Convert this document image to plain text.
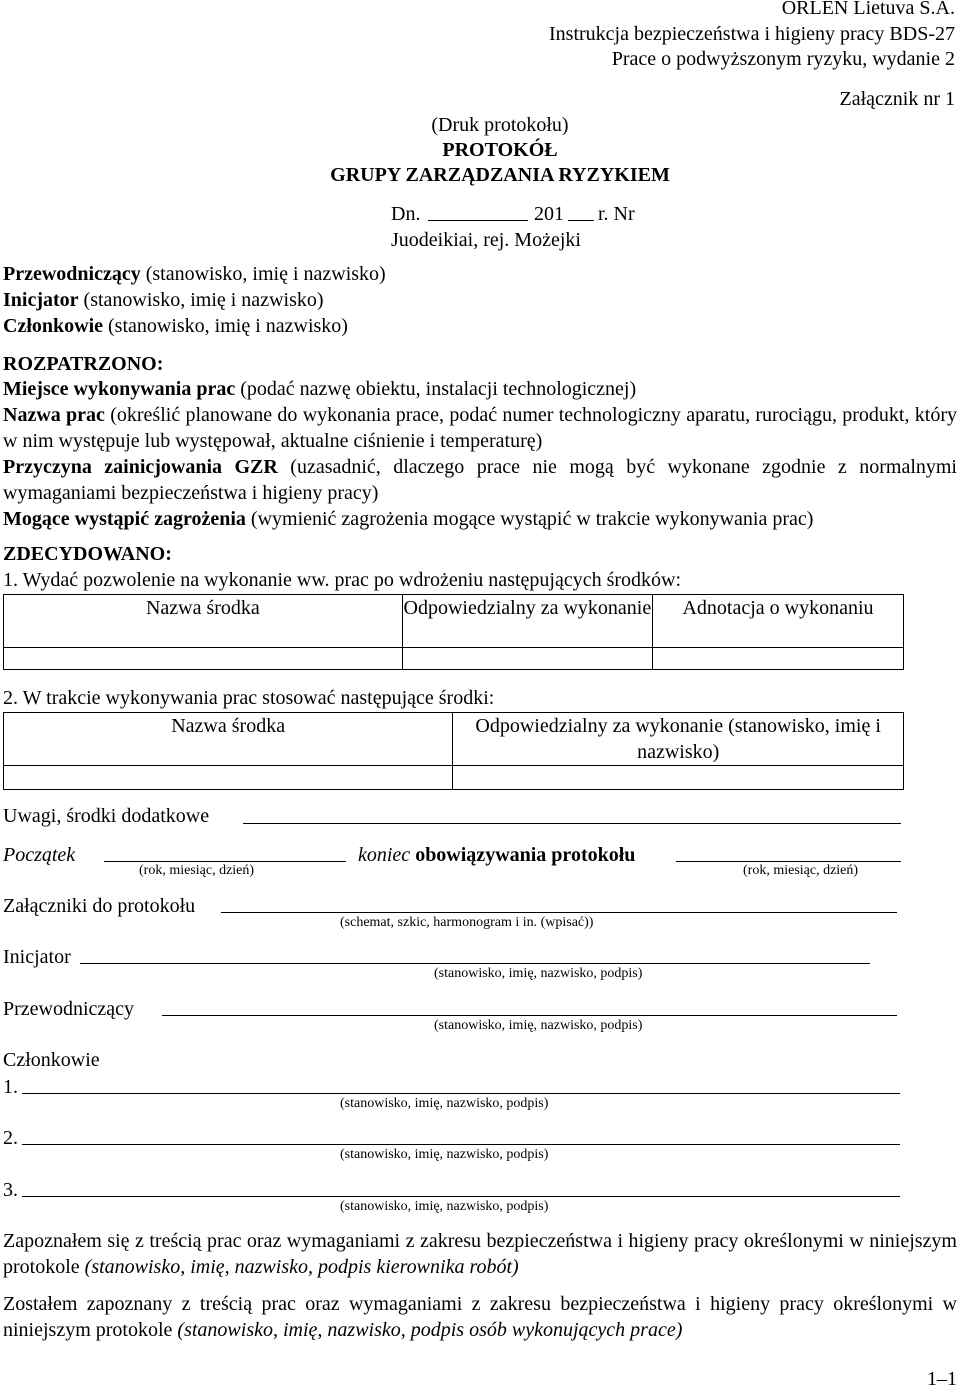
ORLEN Lietuva S.A.
Instrukcja bezpieczeństwa i higieny pracy BDS-27
Prace o podwyższonym ryzyku, wydanie 2
Załącznik nr 1
(Druk protokołu)
PROTOKÓŁ
GRUPY ZARZĄDZANIA RYZYKIEM
Dn.	201 r. Nr
Juodeikiai, rej. Możejki
Przewodniczący (stanowisko, imię i nazwisko)
Inicjator (stanowisko, imię i nazwisko)
Członkowie (stanowisko, imię i nazwisko)
ROZPATRZONO:
Miejsce wykonywania prac (podać nazwę obiektu, instalacji technologicznej)
Nazwa prac (określić planowane do wykonania prace, podać numer technologiczny aparatu, rurociągu, produkt, który w nim występuje lub występował, aktualne ciśnienie i temperaturę)
Przyczyna zainicjowania GZR (uzasadnić, dlaczego prace nie mogą być wykonane zgodnie z normalnymi wymaganiami bezpieczeństwa i higieny pracy)
Mogące wystąpić zagrożenia (wymienić zagrożenia mogące wystąpić w trakcie wykonywania prac)
ZDECYDOWANO:
1. Wydać pozwolenie na wykonanie ww. prac po wdrożeniu następujących środków:
Nazwa środka	Odpowiedzialny za wykonanie	Adnotacja o wykonaniu

2. W trakcie wykonywania prac stosować następujące środki:
Nazwa środka	Odpowiedzialny za wykonanie (stanowisko, imię i nazwisko)

Uwagi, środki dodatkowe
Początek
(rok, miesiąc, dzień)
koniec obowiązywania protokołu
(rok, miesiąc, dzień)
Załączniki do protokołu
(schemat, szkic, harmonogram i in. (wpisać))
Inicjator
(stanowisko, imię, nazwisko, podpis)
Przewodniczący
(stanowisko, imię, nazwisko, podpis)
Członkowie
1.
(stanowisko, imię, nazwisko, podpis)
2.
(stanowisko, imię, nazwisko, podpis)
3.
(stanowisko, imię, nazwisko, podpis)
Zapoznałem się z treścią prac oraz wymaganiami z zakresu bezpieczeństwa i higieny pracy określonymi w niniejszym protokole (stanowisko, imię, nazwisko, podpis kierownika robót)
Zostałem zapoznany z treścią prac oraz wymaganiami z zakresu bezpieczeństwa i higieny pracy określonymi w niniejszym protokole (stanowisko, imię, nazwisko, podpis osób wykonujących prace)
1–1
